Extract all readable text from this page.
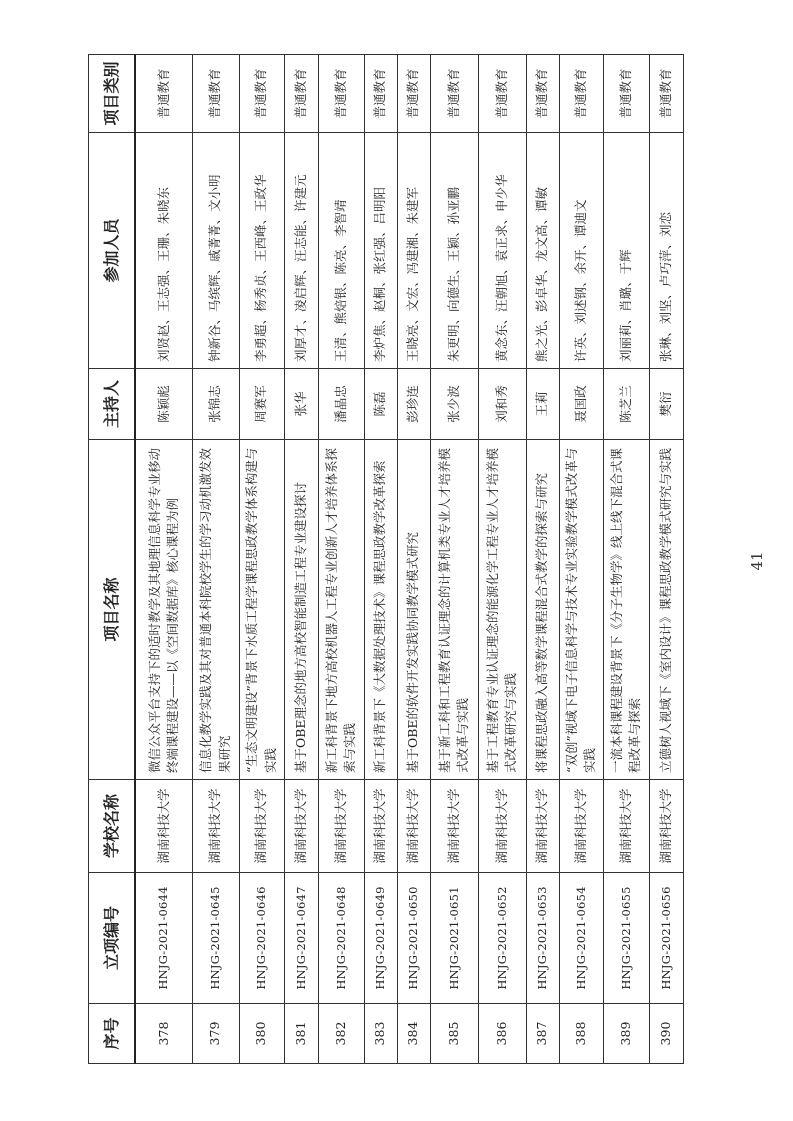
序号	立项编号	学校名称	项目名称	主持人	参加人员	项目类别
378	HNJG-2021-0644	湖南科技大学	微信公众平台支持下的适时教学及其地理信息科学专业移动终端课程建设——以《空间数据库》核心课程为例	陈颖彪	刘贤赵、王志强、王珊、朱晓东	普通教育
379	HNJG-2021-0645	湖南科技大学	信息化教学实践及其对普通本科院校学生的学习动机激发效果研究	张锦志	钟新谷、马缤辉、戚菁菁、文小明	普通教育
380	HNJG-2021-0646	湖南科技大学	“生态文明建设”背景下水质工程学课程思政教学体系构建与实践	周赛军	李勇超、杨秀贞、王西峰、王政华	普通教育
381	HNJG-2021-0647	湖南科技大学	基于OBE理念的地方高校智能制造工程专业建设探讨	张华	刘厚才、凌启辉、汪志能、许建元	普通教育
382	HNJG-2021-0648	湖南科技大学	新工科背景下地方高校机器人工程专业创新人才培养体系探索与实践	潘晶忠	王清、熊焙银、陈亮、李智靖	普通教育
383	HNJG-2021-0649	湖南科技大学	新工科背景下《大数据处理技术》课程思政教学改革探索	陈磊	李炉焦、赵桐、张红强、吕明阳	普通教育
384	HNJG-2021-0650	湖南科技大学	基于OBE的软件开发实践协同教学模式研究	彭珍连	王晓亮、文宏、冯建湘、朱建军	普通教育
385	HNJG-2021-0651	湖南科技大学	基于新工科和工程教育认证理念的计算机类专业人才培养模式改革与实践	张少波	朱更明、向德生、王颖、孙亚鹏	普通教育
386	HNJG-2021-0652	湖南科技大学	基于工程教育专业认证理念的能源化学工程专业人才培养模式改革研究与实践	刘和秀	黄念东、汪朝旭、袁正求、申少华	普通教育
387	HNJG-2021-0653	湖南科技大学	将课程思政融入高等数学课程混合式教学的探索与研究	王莉	熊之光、彭卓华、龙文高、谭敏	普通教育
388	HNJG-2021-0654	湖南科技大学	“双创”视域下电子信息科学与技术专业实验教学模式改革与实践	聂国政	许英、刘述钢、余开、谭迪文	普通教育
389	HNJG-2021-0655	湖南科技大学	一流本科课程建设背景下《分子生物学》线上线下混合式课程改革与探索	陈芝兰	刘丽莉、肖璐、于辉	普通教育
390	HNJG-2021-0656	湖南科技大学	立德树人视域下《室内设计》课程思政教学模式研究与实践	樊衍	张琳、刘坚、卢巧萍、刘恋	普通教育
41
